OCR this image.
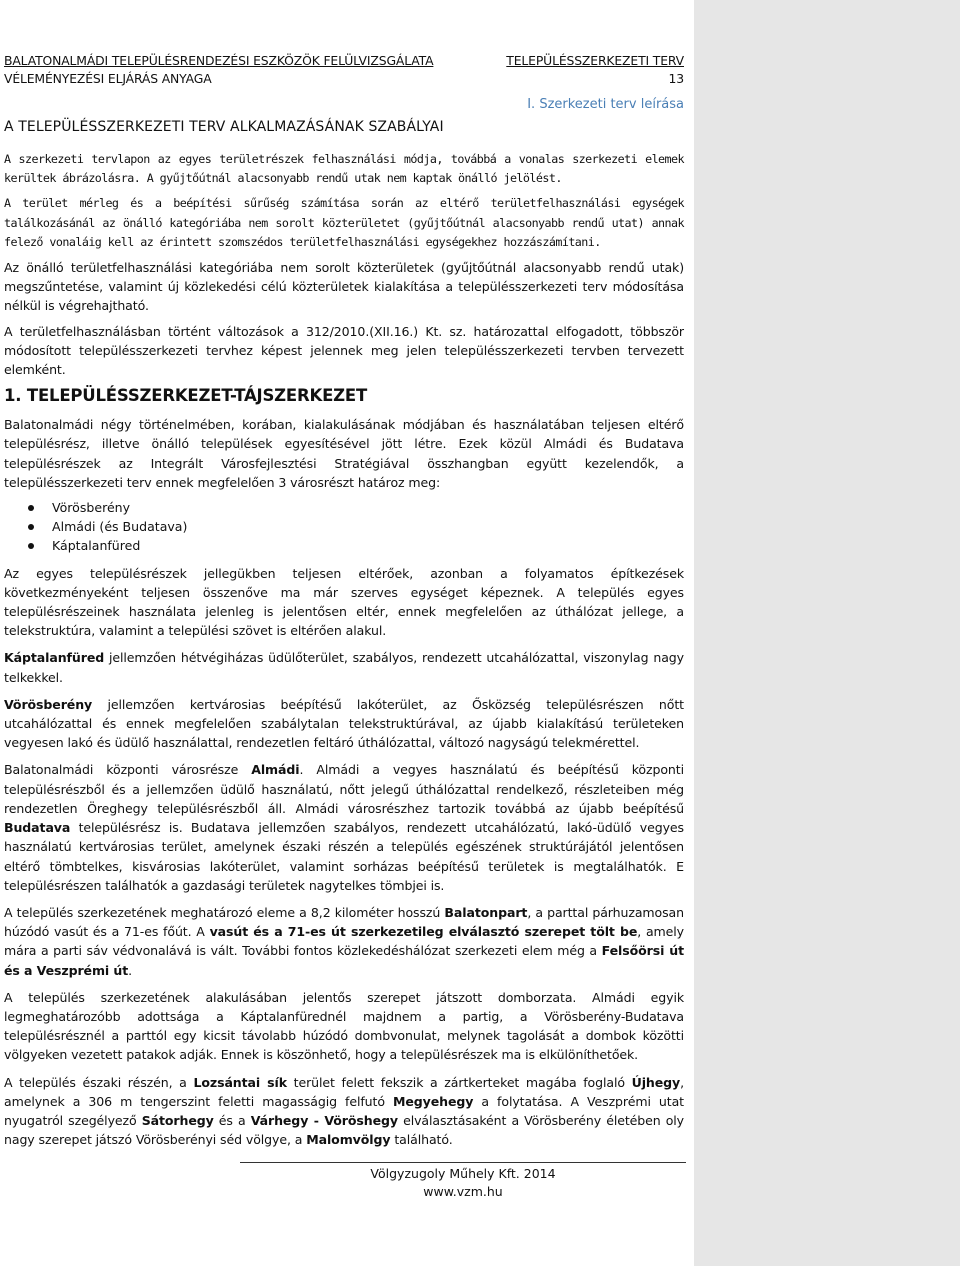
BALATONALMÁDI TELEPÜLÉSRENDEZÉSI ESZKÖZÖK FELÜLVIZSGÁLATA	TELEPÜLÉSSZERKEZETI TERV
VÉLEMÉNYEZÉSI ELJÁRÁS ANYAGA	13
I. Szerkezeti terv leírása
A TELEPÜLÉSSZERKEZETI TERV ALKALMAZÁSÁNAK SZABÁLYAI

A szerkezeti tervlapon az egyes területrészek felhasználási módja, továbbá a vonalas szerkezeti elemek kerültek ábrázolásra. A gyűjtőútnál alacsonyabb rendű utak nem kaptak önálló jelölést.

A terület mérleg és a beépítési sűrűség számítása során az eltérő területfelhasználási egységek találkozásánál az önálló kategóriába nem sorolt közterületet (gyűjtőútnál alacsonyabb rendű utat) annak felező vonaláig kell az érintett szomszédos területfelhasználási egységekhez hozzászámítani.

Az önálló területfelhasználási kategóriába nem sorolt közterületek (gyűjtőútnál alacsonyabb rendű utak) megszűntetése, valamint új közlekedési célú közterületek kialakítása a településszerkezeti terv módosítása nélkül is végrehajtható.

A területfelhasználásban történt változások a 312/2010.(XII.16.) Kt. sz. határozattal elfogadott, többször módosított településszerkezeti tervhez képest jelennek meg jelen településszerkezeti tervben tervezett elemként.

1. TELEPÜLÉSSZERKEZET-TÁJSZERKEZET

Balatonalmádi négy történelmében, korában, kialakulásának módjában és használatában teljesen eltérő településrész, illetve önálló települések egyesítésével jött létre. Ezek közül Almádi és Budatava településrészek az Integrált Városfejlesztési Stratégiával összhangban együtt kezelendők, a településszerkezeti terv ennek megfelelően 3 városrészt határoz meg:

Vörösberény
Almádi (és Budatava)
Káptalanfüred

Az egyes településrészek jellegükben teljesen eltérőek, azonban a folyamatos építkezések következményeként teljesen összenőve ma már szerves egységet képeznek. A település egyes településrészeinek használata jelenleg is jelentősen eltér, ennek megfelelően az úthálózat jellege, a telekstruktúra, valamint a települési szövet is eltérően alakul.

Káptalanfüred jellemzően hétvégiházas üdülőterület, szabályos, rendezett utcahálózattal, viszonylag nagy telkekkel.

Vörösberény jellemzően kertvárosias beépítésű lakóterület, az Ősközség településrészen nőtt utcahálózattal és ennek megfelelően szabálytalan telekstruktúrával, az újabb kialakítású területeken vegyesen lakó és üdülő használattal, rendezetlen feltáró úthálózattal, változó nagyságú telekmérettel.

Balatonalmádi központi városrésze Almádi. Almádi a vegyes használatú és beépítésű központi településrészből és a jellemzően üdülő használatú, nőtt jelegű úthálózattal rendelkező, részleteiben még rendezetlen Öreghegy településrészből áll. Almádi városrészhez tartozik továbbá az újabb beépítésű Budatava településrész is. Budatava jellemzően szabályos, rendezett utcahálózatú, lakó-üdülő vegyes használatú kertvárosias terület, amelynek északi részén a település egészének struktúrájától jelentősen eltérő tömbtelkes, kisvárosias lakóterület, valamint sorházas beépítésű területek is megtalálhatók. E településrészen találhatók a gazdasági területek nagytelkes tömbjei is.

A település szerkezetének meghatározó eleme a 8,2 kilométer hosszú Balatonpart, a parttal párhuzamosan húzódó vasút és a 71-es főút. A vasút és a 71-es út szerkezetileg elválasztó szerepet tölt be, amely mára a parti sáv védvonalává is vált. További fontos közlekedéshálózat szerkezeti elem még a Felsőörsi út és a Veszprémi út.

A település szerkezetének alakulásában jelentős szerepet játszott domborzata. Almádi egyik legmeghatározóbb adottsága a Káptalanfürednél majdnem a partig, a Vörösberény-Budatava településrésznél a parttól egy kicsit távolabb húzódó dombvonulat, melynek tagolását a dombok közötti völgyeken vezetett patakok adják. Ennek is köszönhető, hogy a településrészek ma is elkülöníthetőek.

A település északi részén, a Lozsántai sík terület felett fekszik a zártkerteket magába foglaló Újhegy, amelynek a 306 m tengerszint feletti magasságig felfutó Megyehegy a folytatása. A Veszprémi utat nyugatról szegélyező Sátorhegy és a Várhegy - Vöröshegy elválasztásaként a Vörösberény életében oly nagy szerepet játszó Vörösberényi séd völgye, a Malomvölgy található.

Völgyzugoly Műhely Kft. 2014
www.vzm.hu
